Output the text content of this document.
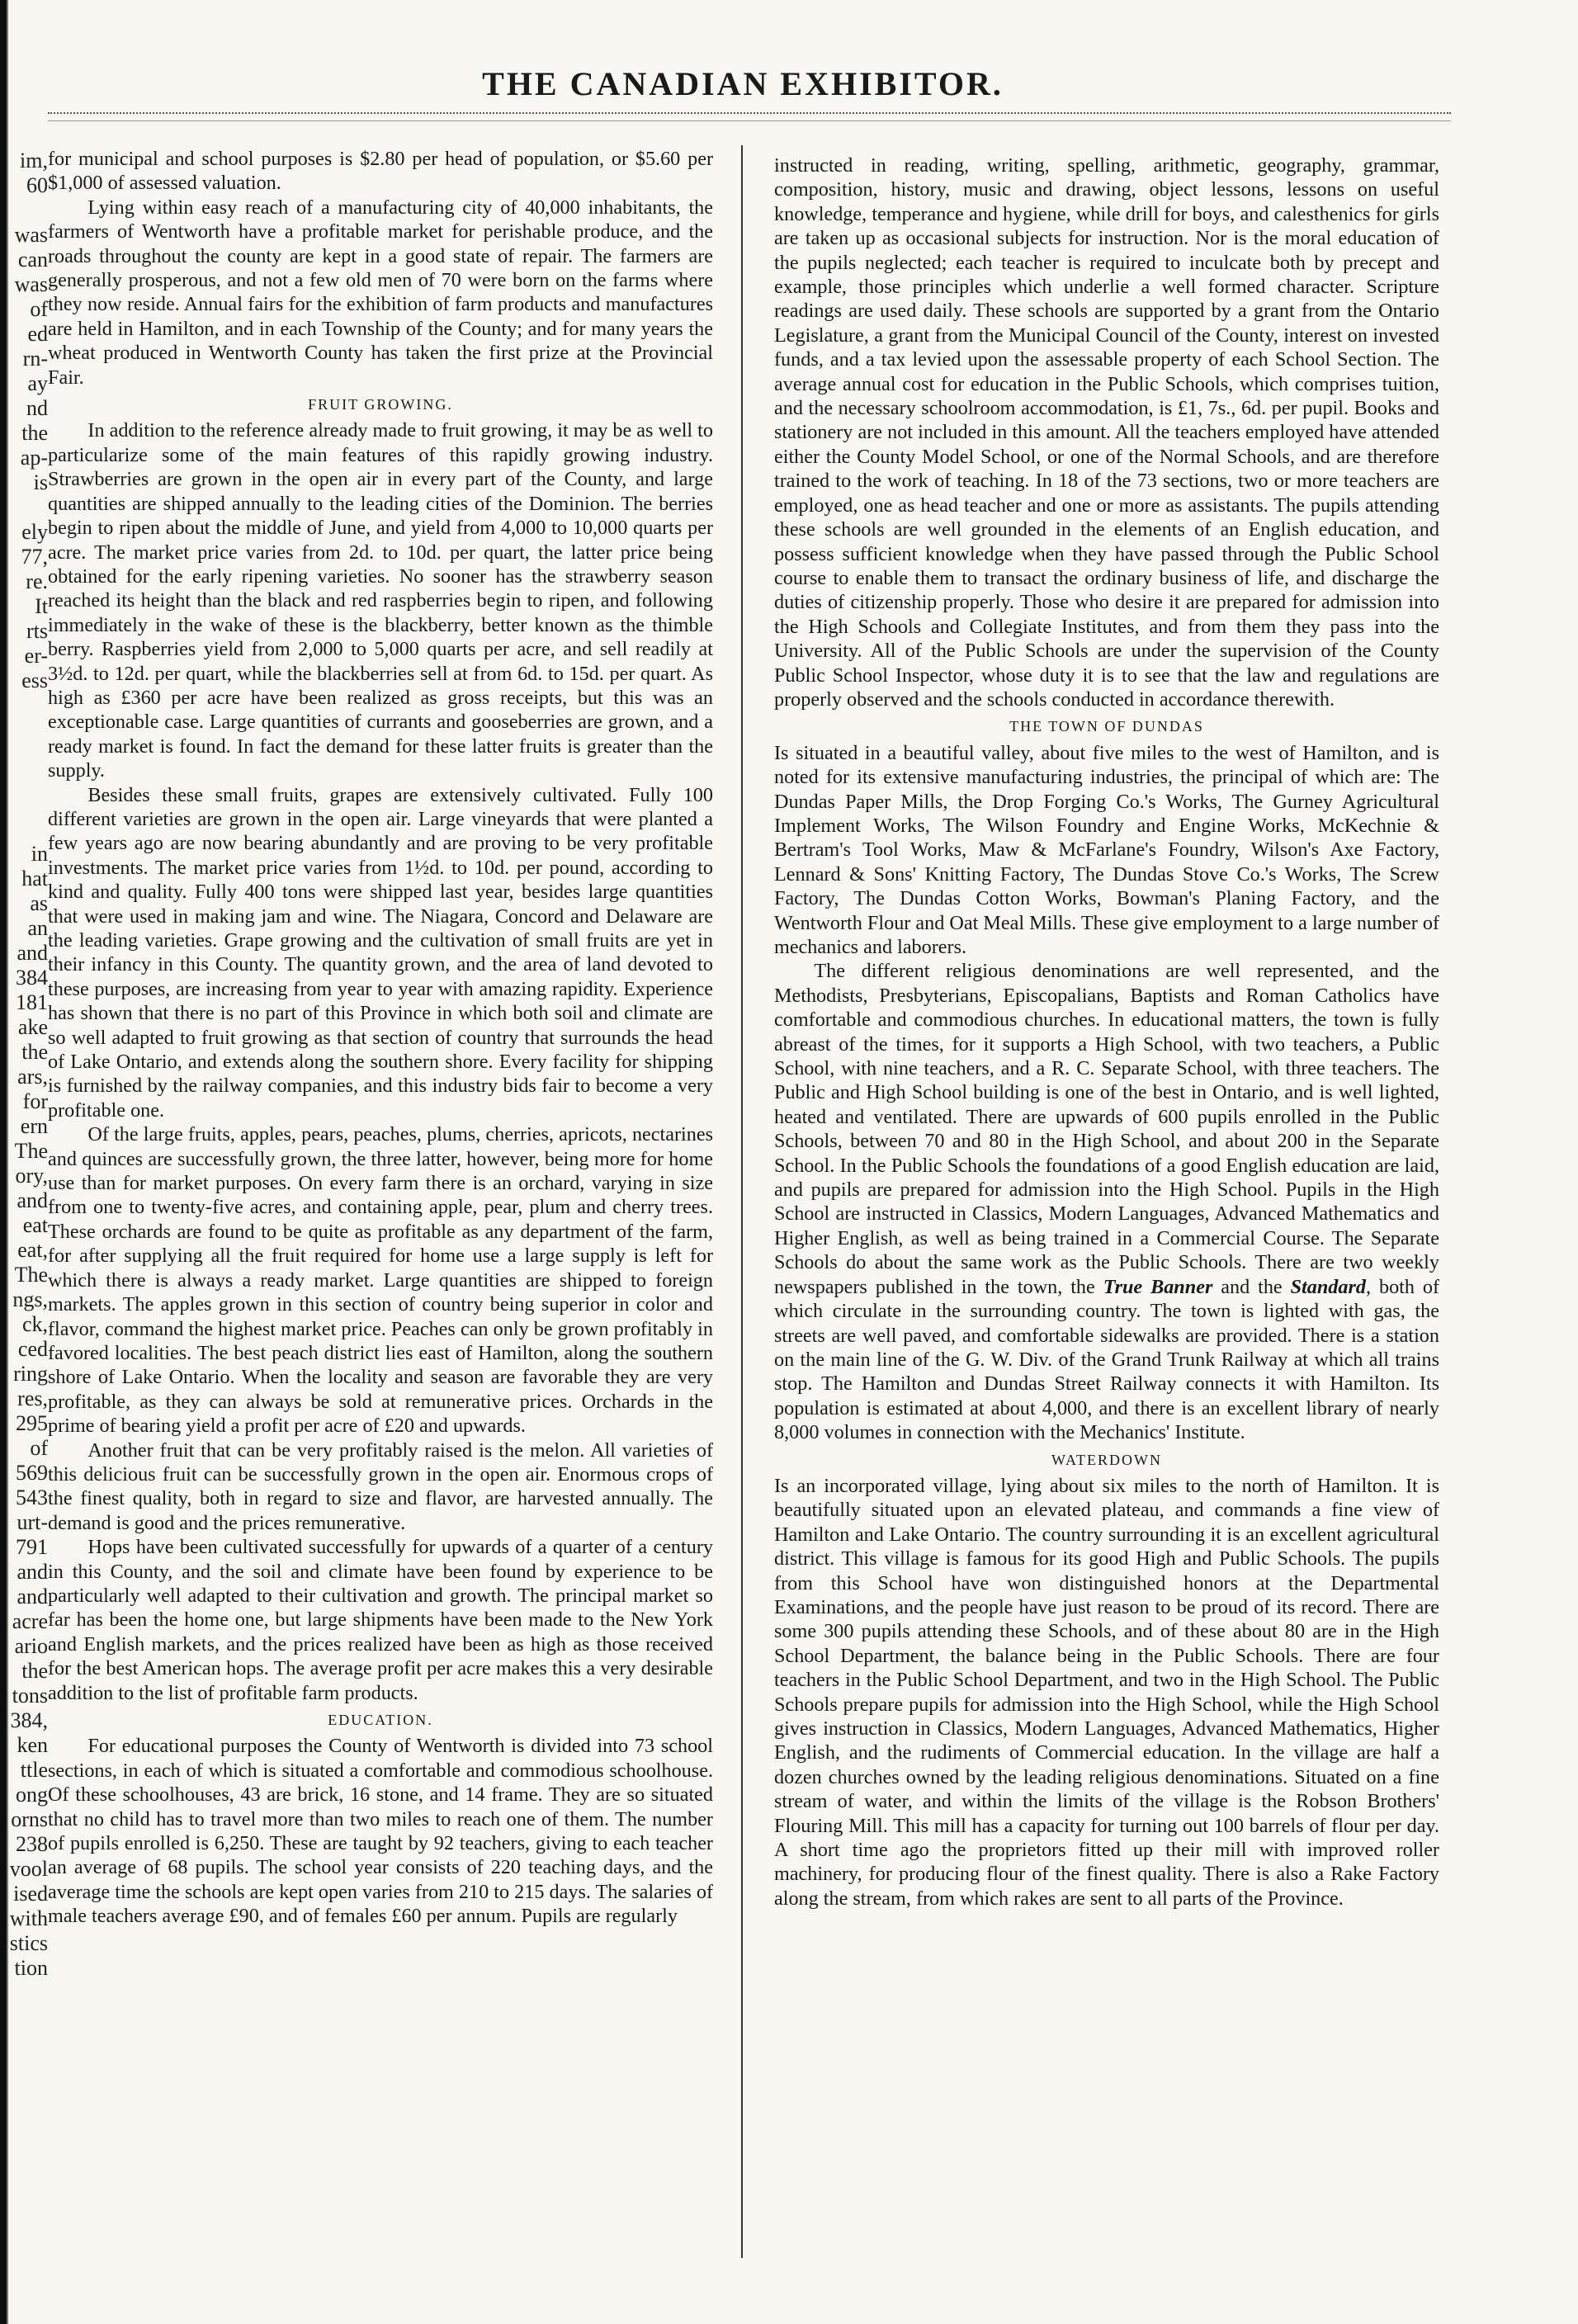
im,
60
was
can
was
of
ed
rn-
ay
nd
the
ap-
is
ely
77,
re.
It
rts
er-
ess
in
hat
as
an
and
384
181
ake
the
ars,
for
ern
The
ory,
and
eat
eat,
The
ngs,
ck,
ced
ring
res,
295
of
569
543
urt-
791
and
and
acre
ario
the
tons
384,
ken
ttle
ong
orns
238
vool
ised
with
stics
tion
THE CANADIAN EXHIBITOR.

for municipal and school purposes is $2.80 per head of population, or $5.60 per $1,000 of assessed valuation.

Lying within easy reach of a manufacturing city of 40,000 inhabitants, the farmers of Wentworth have a profitable market for perishable produce, and the roads throughout the county are kept in a good state of repair. The farmers are generally prosperous, and not a few old men of 70 were born on the farms where they now reside. Annual fairs for the exhibition of farm products and manufactures are held in Hamilton, and in each Township of the County; and for many years the wheat produced in Wentworth County has taken the first prize at the Provincial Fair.

FRUIT GROWING.

In addition to the reference already made to fruit growing, it may be as well to particularize some of the main features of this rapidly growing industry. Strawberries are grown in the open air in every part of the County, and large quantities are shipped annually to the leading cities of the Dominion. The berries begin to ripen about the middle of June, and yield from 4,000 to 10,000 quarts per acre. The market price varies from 2d. to 10d. per quart, the latter price being obtained for the early ripening varieties. No sooner has the strawberry season reached its height than the black and red raspberries begin to ripen, and following immediately in the wake of these is the blackberry, better known as the thimble berry. Raspberries yield from 2,000 to 5,000 quarts per acre, and sell readily at 3½d. to 12d. per quart, while the blackberries sell at from 6d. to 15d. per quart. As high as £360 per acre have been realized as gross receipts, but this was an exceptionable case. Large quantities of currants and gooseberries are grown, and a ready market is found. In fact the demand for these latter fruits is greater than the supply.

Besides these small fruits, grapes are extensively cultivated. Fully 100 different varieties are grown in the open air. Large vineyards that were planted a few years ago are now bearing abundantly and are proving to be very profitable investments. The market price varies from 1½d. to 10d. per pound, according to kind and quality. Fully 400 tons were shipped last year, besides large quantities that were used in making jam and wine. The Niagara, Concord and Delaware are the leading varieties. Grape growing and the cultivation of small fruits are yet in their infancy in this County. The quantity grown, and the area of land devoted to these purposes, are increasing from year to year with amazing rapidity. Experience has shown that there is no part of this Province in which both soil and climate are so well adapted to fruit growing as that section of country that surrounds the head of Lake Ontario, and extends along the southern shore. Every facility for shipping is furnished by the railway companies, and this industry bids fair to become a very profitable one.

Of the large fruits, apples, pears, peaches, plums, cherries, apricots, nectarines and quinces are successfully grown, the three latter, however, being more for home use than for market purposes. On every farm there is an orchard, varying in size from one to twenty-five acres, and containing apple, pear, plum and cherry trees. These orchards are found to be quite as profitable as any department of the farm, for after supplying all the fruit required for home use a large supply is left for which there is always a ready market. Large quantities are shipped to foreign markets. The apples grown in this section of country being superior in color and flavor, command the highest market price. Peaches can only be grown profitably in favored localities. The best peach district lies east of Hamilton, along the southern shore of Lake Ontario. When the locality and season are favorable they are very profitable, as they can always be sold at remunerative prices. Orchards in the prime of bearing yield a profit per acre of £20 and upwards.

Another fruit that can be very profitably raised is the melon. All varieties of this delicious fruit can be successfully grown in the open air. Enormous crops of the finest quality, both in regard to size and flavor, are harvested annually. The demand is good and the prices remunerative.

Hops have been cultivated successfully for upwards of a quarter of a century in this County, and the soil and climate have been found by experience to be particularly well adapted to their cultivation and growth. The principal market so far has been the home one, but large shipments have been made to the New York and English markets, and the prices realized have been as high as those received for the best American hops. The average profit per acre makes this a very desirable addition to the list of profitable farm products.

EDUCATION.

For educational purposes the County of Wentworth is divided into 73 school sections, in each of which is situated a comfortable and commodious schoolhouse. Of these schoolhouses, 43 are brick, 16 stone, and 14 frame. They are so situated that no child has to travel more than two miles to reach one of them. The number of pupils enrolled is 6,250. These are taught by 92 teachers, giving to each teacher an average of 68 pupils. The school year consists of 220 teaching days, and the average time the schools are kept open varies from 210 to 215 days. The salaries of male teachers average £90, and of females £60 per annum. Pupils are regularly

instructed in reading, writing, spelling, arithmetic, geography, grammar, composition, history, music and drawing, object lessons, lessons on useful knowledge, temperance and hygiene, while drill for boys, and calesthenics for girls are taken up as occasional subjects for instruction. Nor is the moral education of the pupils neglected; each teacher is required to inculcate both by precept and example, those principles which underlie a well formed character. Scripture readings are used daily. These schools are supported by a grant from the Ontario Legislature, a grant from the Municipal Council of the County, interest on invested funds, and a tax levied upon the assessable property of each School Section. The average annual cost for education in the Public Schools, which comprises tuition, and the necessary schoolroom accommodation, is £1, 7s., 6d. per pupil. Books and stationery are not included in this amount. All the teachers employed have attended either the County Model School, or one of the Normal Schools, and are therefore trained to the work of teaching. In 18 of the 73 sections, two or more teachers are employed, one as head teacher and one or more as assistants. The pupils attending these schools are well grounded in the elements of an English education, and possess sufficient knowledge when they have passed through the Public School course to enable them to transact the ordinary business of life, and discharge the duties of citizenship properly. Those who desire it are prepared for admission into the High Schools and Collegiate Institutes, and from them they pass into the University. All of the Public Schools are under the supervision of the County Public School Inspector, whose duty it is to see that the law and regulations are properly observed and the schools conducted in accordance therewith.

THE TOWN OF DUNDAS

Is situated in a beautiful valley, about five miles to the west of Hamilton, and is noted for its extensive manufacturing industries, the principal of which are: The Dundas Paper Mills, the Drop Forging Co.'s Works, The Gurney Agricultural Implement Works, The Wilson Foundry and Engine Works, McKechnie & Bertram's Tool Works, Maw & McFarlane's Foundry, Wilson's Axe Factory, Lennard & Sons' Knitting Factory, The Dundas Stove Co.'s Works, The Screw Factory, The Dundas Cotton Works, Bowman's Planing Factory, and the Wentworth Flour and Oat Meal Mills. These give employment to a large number of mechanics and laborers.

The different religious denominations are well represented, and the Methodists, Presbyterians, Episcopalians, Baptists and Roman Catholics have comfortable and commodious churches. In educational matters, the town is fully abreast of the times, for it supports a High School, with two teachers, a Public School, with nine teachers, and a R. C. Separate School, with three teachers. The Public and High School building is one of the best in Ontario, and is well lighted, heated and ventilated. There are upwards of 600 pupils enrolled in the Public Schools, between 70 and 80 in the High School, and about 200 in the Separate School. In the Public Schools the foundations of a good English education are laid, and pupils are prepared for admission into the High School. Pupils in the High School are instructed in Classics, Modern Languages, Advanced Mathematics and Higher English, as well as being trained in a Commercial Course. The Separate Schools do about the same work as the Public Schools. There are two weekly newspapers published in the town, the True Banner and the Standard, both of which circulate in the surrounding country. The town is lighted with gas, the streets are well paved, and comfortable sidewalks are provided. There is a station on the main line of the G. W. Div. of the Grand Trunk Railway at which all trains stop. The Hamilton and Dundas Street Railway connects it with Hamilton. Its population is estimated at about 4,000, and there is an excellent library of nearly 8,000 volumes in connection with the Mechanics' Institute.

WATERDOWN

Is an incorporated village, lying about six miles to the north of Hamilton. It is beautifully situated upon an elevated plateau, and commands a fine view of Hamilton and Lake Ontario. The country surrounding it is an excellent agricultural district. This village is famous for its good High and Public Schools. The pupils from this School have won distinguished honors at the Departmental Examinations, and the people have just reason to be proud of its record. There are some 300 pupils attending these Schools, and of these about 80 are in the High School Department, the balance being in the Public Schools. There are four teachers in the Public School Department, and two in the High School. The Public Schools prepare pupils for admission into the High School, while the High School gives instruction in Classics, Modern Languages, Advanced Mathematics, Higher English, and the rudiments of Commercial education. In the village are half a dozen churches owned by the leading religious denominations. Situated on a fine stream of water, and within the limits of the village is the Robson Brothers' Flouring Mill. This mill has a capacity for turning out 100 barrels of flour per day. A short time ago the proprietors fitted up their mill with improved roller machinery, for producing flour of the finest quality. There is also a Rake Factory along the stream, from which rakes are sent to all parts of the Province.
